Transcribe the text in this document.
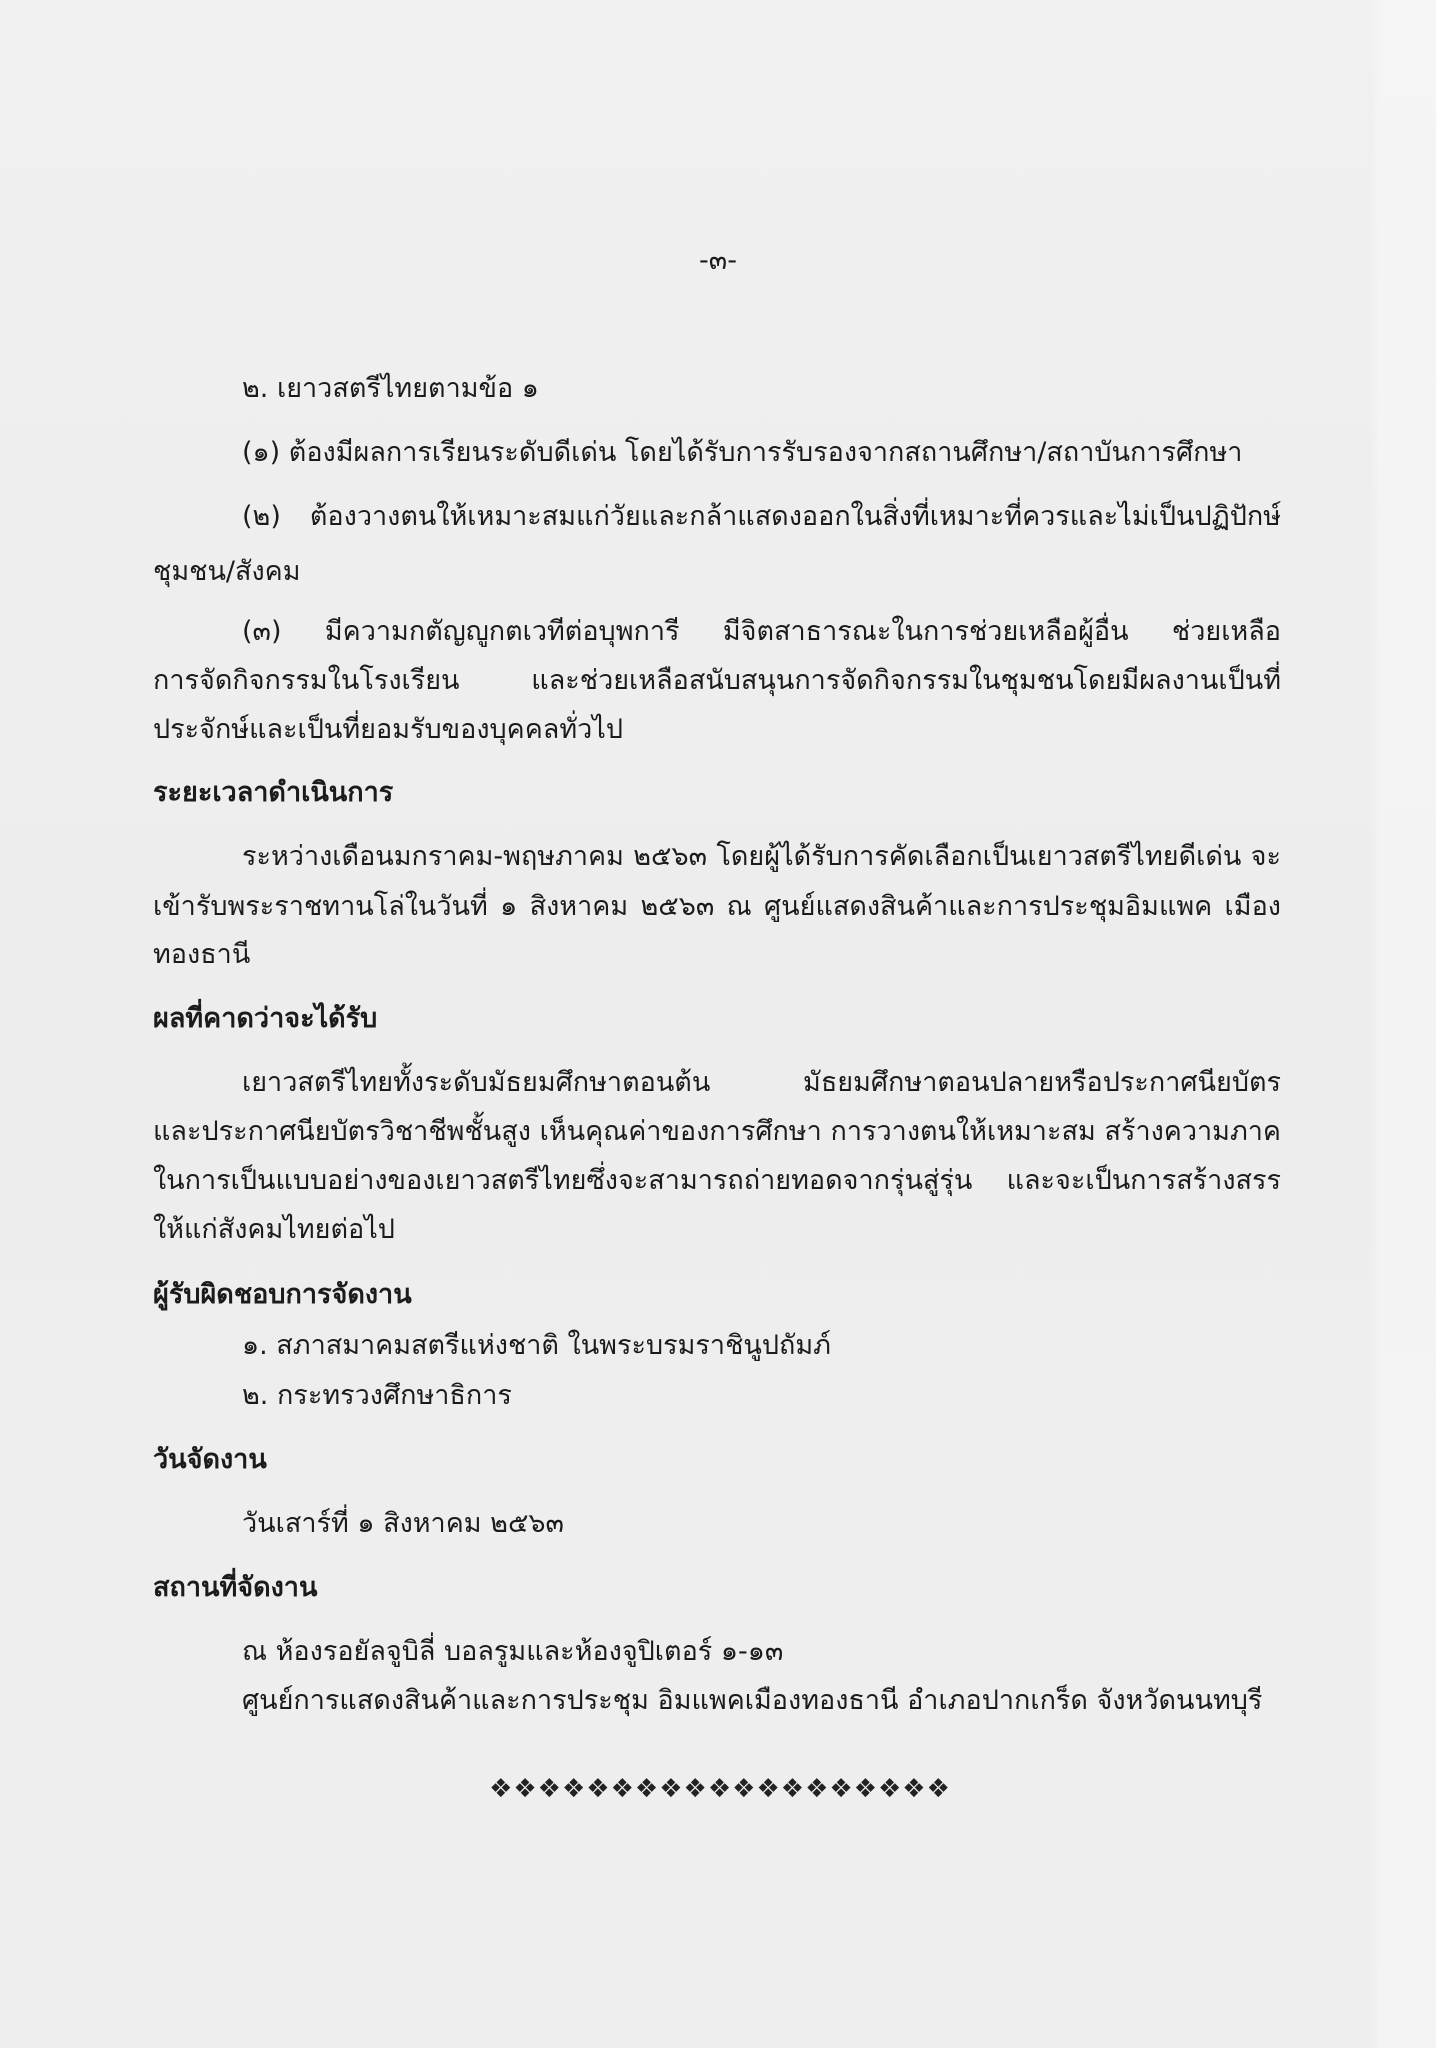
-๓-
๒. เยาวสตรีไทยตามข้อ ๑
(๑) ต้องมีผลการเรียนระดับดีเด่น โดยได้รับการรับรองจากสถานศึกษา/สถาบันการศึกษา
(๒) ต้องวางตนให้เหมาะสมแก่วัยและกล้าแสดงออกในสิ่งที่เหมาะที่ควรและไม่เป็นปฏิปักษ์
ชุมชน/สังคม
(๓) มีความกตัญญูกตเวทีต่อบุพการี มีจิตสาธารณะในการช่วยเหลือผู้อื่น ช่วยเหลือ
การจัดกิจกรรมในโรงเรียน และช่วยเหลือสนับสนุนการจัดกิจกรรมในชุมชนโดยมีผลงานเป็นที่
ประจักษ์และเป็นที่ยอมรับของบุคคลทั่วไป
ระยะเวลาดำเนินการ
ระหว่างเดือนมกราคม-พฤษภาคม ๒๕๖๓ โดยผู้ได้รับการคัดเลือกเป็นเยาวสตรีไทยดีเด่น จะ
เข้ารับพระราชทานโล่ในวันที่ ๑ สิงหาคม ๒๕๖๓ ณ ศูนย์แสดงสินค้าและการประชุมอิมแพค เมือง
ทองธานี
ผลที่คาดว่าจะได้รับ
เยาวสตรีไทยทั้งระดับมัธยมศึกษาตอนต้น มัธยมศึกษาตอนปลายหรือประกาศนียบัตร
และประกาศนียบัตรวิชาชีพชั้นสูง เห็นคุณค่าของการศึกษา การวางตนให้เหมาะสม สร้างความภาค
ในการเป็นแบบอย่างของเยาวสตรีไทยซึ่งจะสามารถถ่ายทอดจากรุ่นสู่รุ่น และจะเป็นการสร้างสรร
ให้แก่สังคมไทยต่อไป
ผู้รับผิดชอบการจัดงาน
๑. สภาสมาคมสตรีแห่งชาติ ในพระบรมราชินูปถัมภ์
๒. กระทรวงศึกษาธิการ
วันจัดงาน
วันเสาร์ที่ ๑ สิงหาคม ๒๕๖๓
สถานที่จัดงาน
ณ ห้องรอยัลจูบิลี่ บอลรูมและห้องจูปิเตอร์ ๑-๑๓
ศูนย์การแสดงสินค้าและการประชุม อิมแพคเมืองทองธานี อำเภอปากเกร็ด จังหวัดนนทบุรี
❖❖❖❖❖❖❖❖❖❖❖❖❖❖❖❖❖❖❖
